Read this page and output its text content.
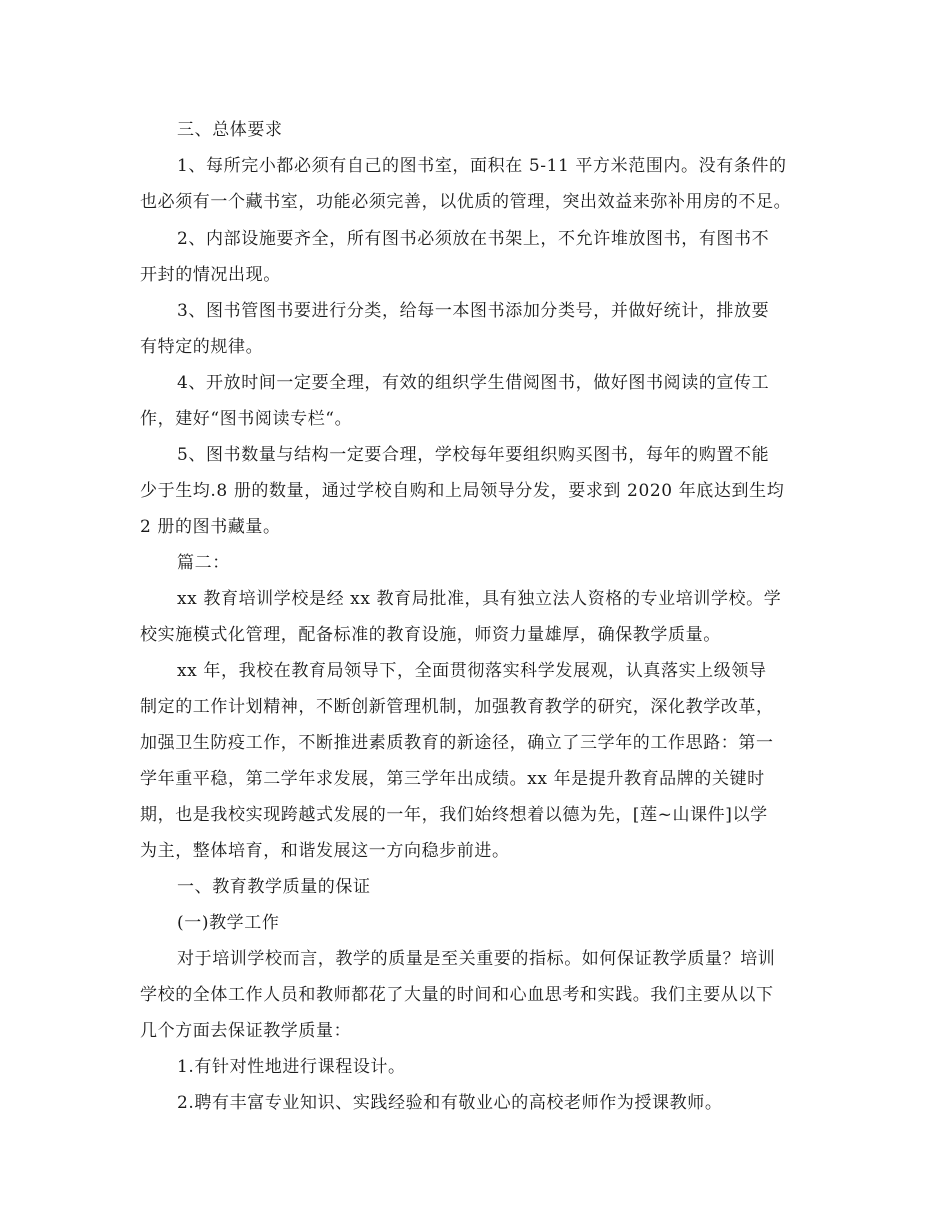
三、总体要求
1、每所完小都必须有自己的图书室，面积在 5-11 平方米范围内。没有条件的
也必须有一个藏书室，功能必须完善，以优质的管理，突出效益来弥补用房的不足。
2、内部设施要齐全，所有图书必须放在书架上，不允许堆放图书，有图书不
开封的情况出现。
3、图书管图书要进行分类，给每一本图书添加分类号，并做好统计，排放要
有特定的规律。
4、开放时间一定要全理，有效的组织学生借阅图书，做好图书阅读的宣传工
作，建好“图书阅读专栏“。
5、图书数量与结构一定要合理，学校每年要组织购买图书，每年的购置不能
少于生均.8 册的数量，通过学校自购和上局领导分发，要求到 2020 年底达到生均
2 册的图书藏量。
篇二：
xx 教育培训学校是经 xx 教育局批准，具有独立法人资格的专业培训学校。学
校实施模式化管理，配备标准的教育设施，师资力量雄厚，确保教学质量。
xx 年，我校在教育局领导下，全面贯彻落实科学发展观，认真落实上级领导
制定的工作计划精神，不断创新管理机制，加强教育教学的研究，深化教学改革，
加强卫生防疫工作，不断推进素质教育的新途径，确立了三学年的工作思路：第一
学年重平稳，第二学年求发展，第三学年出成绩。xx 年是提升教育品牌的关键时
期，也是我校实现跨越式发展的一年，我们始终想着以德为先，[莲~山课件]以学
为主，整体培育，和谐发展这一方向稳步前进。
一、教育教学质量的保证
(一)教学工作
对于培训学校而言，教学的质量是至关重要的指标。如何保证教学质量？培训
学校的全体工作人员和教师都花了大量的时间和心血思考和实践。我们主要从以下
几个方面去保证教学质量：
1.有针对性地进行课程设计。
2.聘有丰富专业知识、实践经验和有敬业心的高校老师作为授课教师。
